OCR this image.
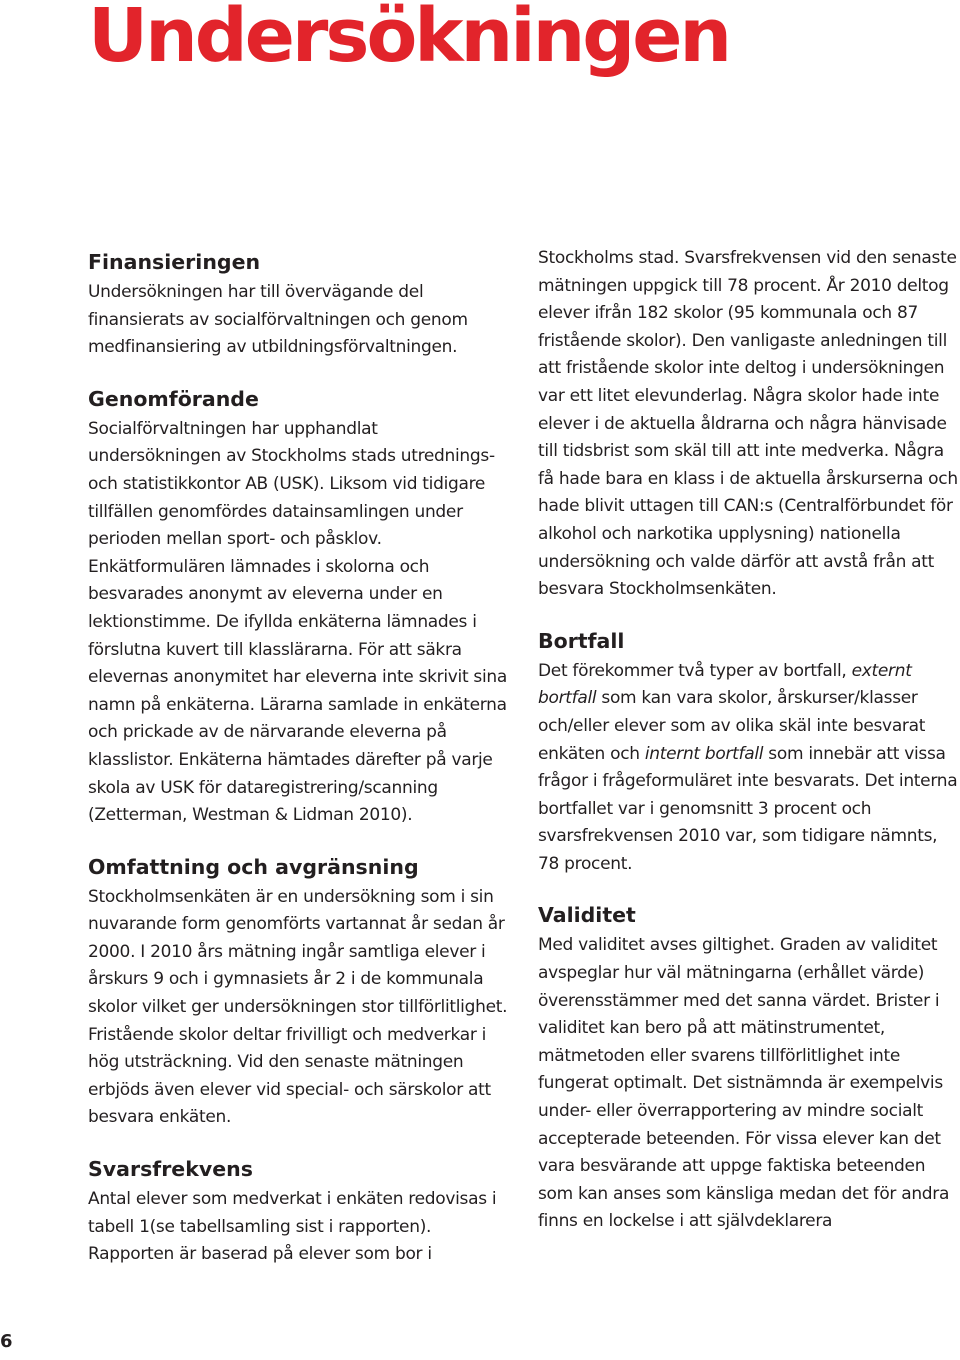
Undersökningen
Finansieringen

Undersökningen har till övervägande del finansierats av socialförvaltningen och genom medfinansiering av utbildningsförvaltningen.

Genomförande

Socialförvaltningen har upphandlat undersökningen av Stockholms stads utrednings- och statistikkontor AB (USK). Liksom vid tidigare tillfällen genomfördes datainsamlingen under perioden mellan sport- och påsklov. Enkätformulären lämnades i skolorna och besvarades anonymt av eleverna under en lektionstimme. De ifyllda enkäterna lämnades i förslutna kuvert till klasslärarna. För att säkra elevernas anonymitet har eleverna inte skrivit sina namn på enkäterna. Lärarna samlade in enkäterna och prickade av de närvarande eleverna på klasslistor. Enkäterna hämtades därefter på varje skola av USK för dataregistrering/scanning (Zetterman, Westman & Lidman 2010).

Omfattning och avgränsning

Stockholmsenkäten är en undersökning som i sin nuvarande form genomförts vartannat år sedan år 2000. I 2010 års mätning ingår samtliga elever i årskurs 9 och i gymnasiets år 2 i de kommunala skolor vilket ger undersökningen stor tillförlitlighet. Fristående skolor deltar frivilligt och medverkar i hög utsträckning. Vid den senaste mätningen erbjöds även elever vid special- och särskolor att besvara enkäten.

Svarsfrekvens

Antal elever som medverkat i enkäten redovisas i tabell 1(se tabellsamling sist i rapporten). Rapporten är baserad på elever som bor i

Stockholms stad. Svarsfrekvensen vid den senaste mätningen uppgick till 78 procent. År 2010 deltog elever ifrån 182 skolor (95 kommunala och 87 fristående skolor). Den vanligaste anledningen till att fristående skolor inte deltog i undersökningen var ett litet elevunderlag. Några skolor hade inte elever i de aktuella åldrarna och några hänvisade till tidsbrist som skäl till att inte medverka. Några få hade bara en klass i de aktuella årskurserna och hade blivit uttagen till CAN:s (Centralförbundet för alkohol och narkotika upplysning) nationella undersökning och valde därför att avstå från att besvara Stockholmsenkäten.

Bortfall

Det förekommer två typer av bortfall, externt bortfall som kan vara skolor, årskurser/klasser och/eller elever som av olika skäl inte besvarat enkäten och internt bortfall som innebär att vissa frågor i frågeformuläret inte besvarats. Det interna bortfallet var i genomsnitt 3 procent och svarsfrekvensen 2010 var, som tidigare nämnts, 78 procent.

Validitet

Med validitet avses giltighet. Graden av validitet avspeglar hur väl mätningarna (erhållet värde) överensstämmer med det sanna värdet. Brister i validitet kan bero på att mätinstrumentet, mätmetoden eller svarens tillförlitlighet inte fungerat optimalt. Det sistnämnda är exempelvis under- eller överrapportering av mindre socialt accepterade beteenden. För vissa elever kan det vara besvärande att uppge faktiska beteenden som kan anses som känsliga medan det för andra finns en lockelse i att självdeklarera

6
